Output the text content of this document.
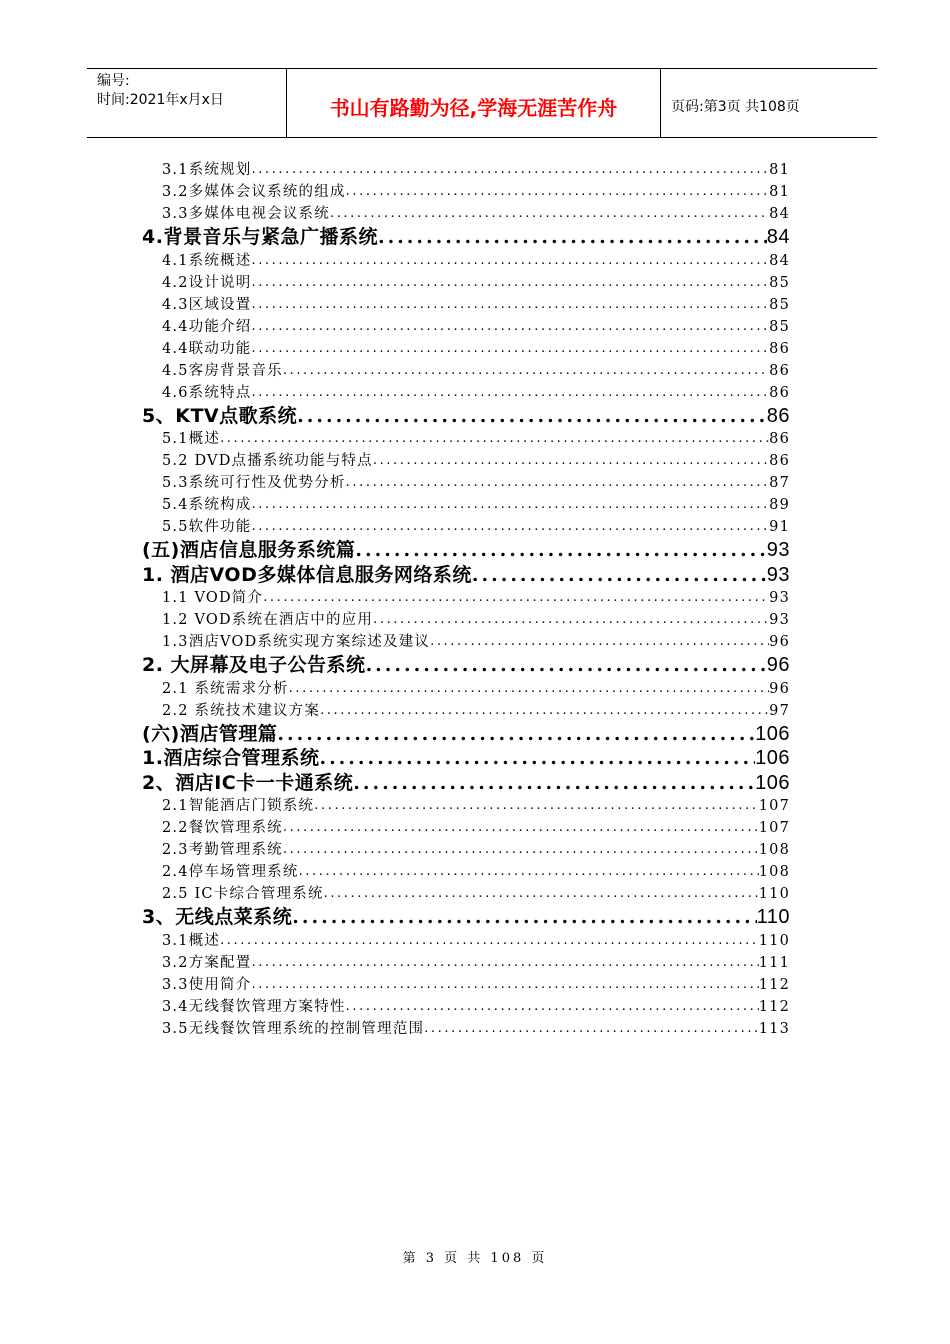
编号:
时间:2021年x月x日	书山有路勤为径,学海无涯苦作舟	页码:第3页 共108页
3.1系统规划 .....	81
3.2多媒体会议系统的组成 .....	81
3.3多媒体电视会议系统 .....	84
4.背景音乐与紧急广播系统 .....	84
4.1系统概述 .....	84
4.2设计说明 .....	85
4.3区域设置 .....	85
4.4功能介绍 .....	85
4.4联动功能 .....	86
4.5客房背景音乐 .....	86
4.6系统特点 .....	86
5、KTV点歌系统 .....	86
5.1概述 .....	86
5.2 DVD点播系统功能与特点 .....	86
5.3系统可行性及优势分析 .....	87
5.4系统构成 .....	89
5.5软件功能 .....	91
(五)酒店信息服务系统篇 .....	93
1. 酒店VOD多媒体信息服务网络系统 .....	93
1.1 VOD简介 .....	93
1.2 VOD系统在酒店中的应用 .....	93
1.3酒店VOD系统实现方案综述及建议 .....	96
2. 大屏幕及电子公告系统 .....	96
2.1 系统需求分析 .....	96
2.2 系统技术建议方案 .....	97
(六)酒店管理篇 .....	106
1.酒店综合管理系统 .....	106
2、酒店IC卡一卡通系统 .....	106
2.1智能酒店门锁系统 .....	107
2.2餐饮管理系统 .....	107
2.3考勤管理系统 .....	108
2.4停车场管理系统 .....	108
2.5 IC卡综合管理系统 .....	110
3、无线点菜系统 .....	110
3.1概述 .....	110
3.2方案配置 .....	111
3.3使用简介 .....	112
3.4无线餐饮管理方案特性 .....	112
3.5无线餐饮管理系统的控制管理范围 .....	113
第 3 页 共 108 页
